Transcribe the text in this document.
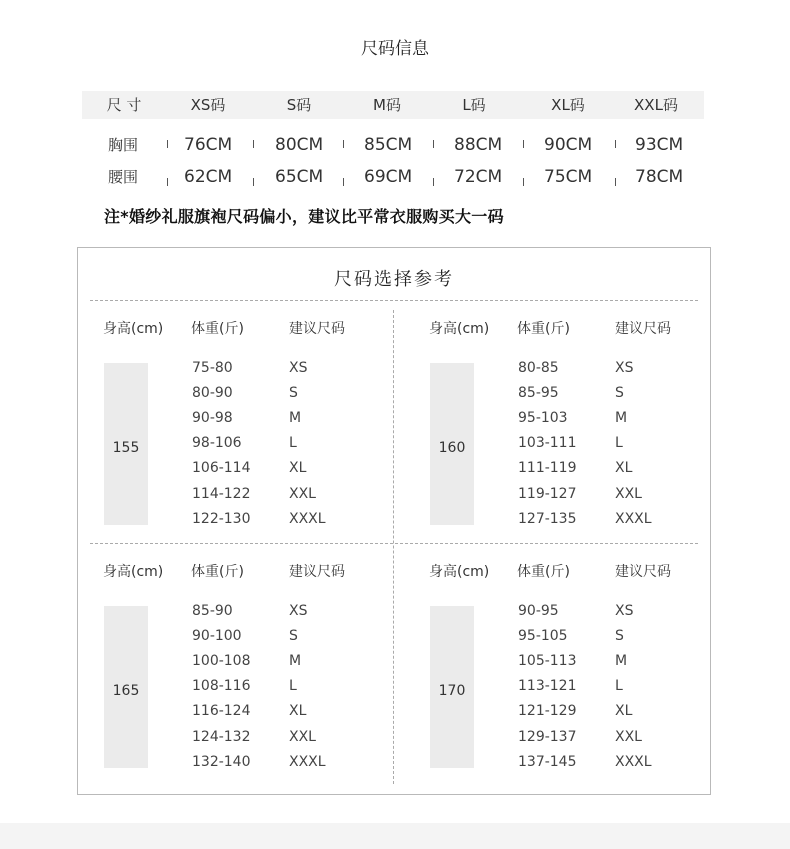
尺码信息
尺 寸	XS码	S码	M码	L码	XL码	XXL码
胸围	76CM	80CM 85CM 88CM 90CM	93CM
腰围	62CM	65CM 69CM 72CM 75CM	78CM
注*婚纱礼服旗袍尺码偏小，建议比平常衣服购买大一码
尺码选择参考
身高(cm) 体重(斤)	建议尺码
155
75-80	XS
80-90	S
90-98	M
98-106	L
106-114	XL
114-122	XXL
122-130	XXXL
身高(cm) 体重(斤)	建议尺码
160
80-85	XS
85-95	S
95-103	M
103-111	L
111-119	XL
119-127	XXL
127-135	XXXL
身高(cm) 体重(斤)	建议尺码
165
85-90	XS
90-100	S
100-108	M
108-116	L
116-124	XL
124-132	XXL
132-140	XXXL
身高(cm) 体重(斤)	建议尺码
170
90-95	XS
95-105	S
105-113	M
113-121	L
121-129	XL
129-137	XXL
137-145	XXXL
